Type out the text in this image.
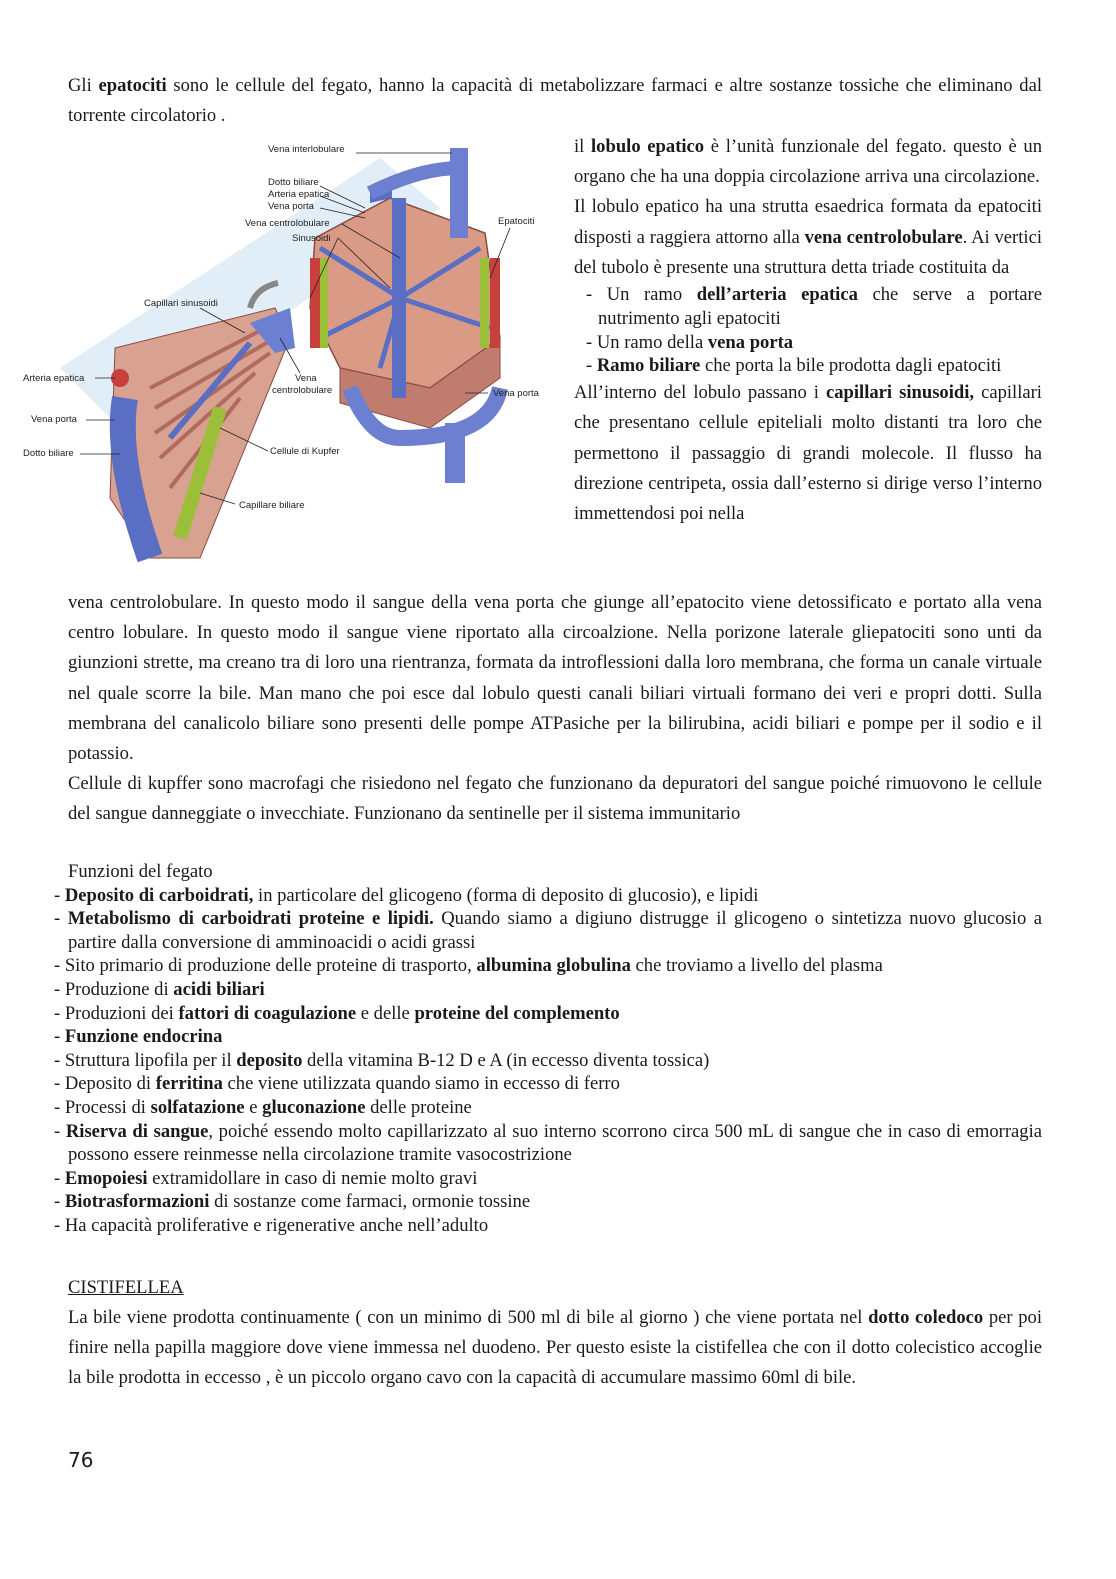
Gli epatociti sono le cellule del fegato, hanno la capacità di metabolizzare farmaci e altre sostanze tossiche che eliminano dal torrente circolatorio .

Vena interlobulare
Dotto biliare
Arteria epatica
Vena porta
Vena centrolobulare
Sinusoidi
Epatociti
Capillari sinusoidi
Arteria epatica
Vena porta
Dotto biliare
Vena
centrolobulare	Vena porta
Cellule di Kupfer
Capillare biliare

il lobulo epatico è l’unità funzionale del fegato. questo è un organo che ha una doppia circolazione arriva una circolazione.

Il lobulo epatico ha una strutta esaedrica formata da epatociti disposti a raggiera attorno alla vena centrolobulare. Ai vertici del tubolo è presente una struttura detta triade costituita da

- Un ramo dell’arteria epatica che serve a portare nutrimento agli epatociti

- Un ramo della vena porta

- Ramo biliare che porta la bile prodotta dagli epatociti

All’interno del lobulo passano i capillari sinusoidi, capillari che presentano cellule epiteliali molto distanti tra loro che permettono il passaggio di grandi molecole. Il flusso ha direzione centripeta, ossia dall’esterno si dirige verso l’interno immettendosi poi nella

vena centrolobulare. In questo modo il sangue della vena porta che giunge all’epatocito viene detossificato e portato alla vena centro lobulare. In questo modo il sangue viene riportato alla circoalzione. Nella porizone laterale gliepatociti sono unti da giunzioni strette, ma creano tra di loro una rientranza, formata da introflessioni dalla loro membrana, che forma un canale virtuale nel quale scorre la bile. Man mano che poi esce dal lobulo questi canali biliari virtuali formano dei veri e propri dotti. Sulla membrana del canalicolo biliare sono presenti delle pompe ATPasiche per la bilirubina, acidi biliari e pompe per il sodio e il potassio.

Cellule di kupffer sono macrofagi che risiedono nel fegato che funzionano da depuratori del sangue poiché rimuovono le cellule del sangue danneggiate o invecchiate. Funzionano da sentinelle per il sistema immunitario

Funzioni del fegato

- Deposito di carboidrati, in particolare del glicogeno (forma di deposito di glucosio), e lipidi

- Metabolismo di carboidrati proteine e lipidi. Quando siamo a digiuno distrugge il glicogeno o sintetizza nuovo glucosio a partire dalla conversione di amminoacidi o acidi grassi

- Sito primario di produzione delle proteine di trasporto, albumina globulina che troviamo a livello del plasma

- Produzione di acidi biliari

- Produzioni dei fattori di coagulazione e delle proteine del complemento

- Funzione endocrina

- Struttura lipofila per il deposito della vitamina B-12 D e A (in eccesso diventa tossica)

- Deposito di ferritina che viene utilizzata quando siamo in eccesso di ferro

- Processi di solfatazione e gluconazione delle proteine

- Riserva di sangue, poiché essendo molto capillarizzato al suo interno scorrono circa 500 mL di sangue che in caso di emorragia possono essere reinmesse nella circolazione tramite vasocostrizione

- Emopoiesi extramidollare in caso di nemie molto gravi

- Biotrasformazioni di sostanze come farmaci, ormonie tossine

- Ha capacità proliferative e rigenerative anche nell’adulto

CISTIFELLEA

La bile viene prodotta continuamente ( con un minimo di 500 ml di bile al giorno ) che viene portata nel dotto coledoco per poi finire nella papilla maggiore dove viene immessa nel duodeno. Per questo esiste la cistifellea che con il dotto colecistico accoglie la bile prodotta in eccesso , è un piccolo organo cavo con la capacità di accumulare massimo 60ml di bile.

76
